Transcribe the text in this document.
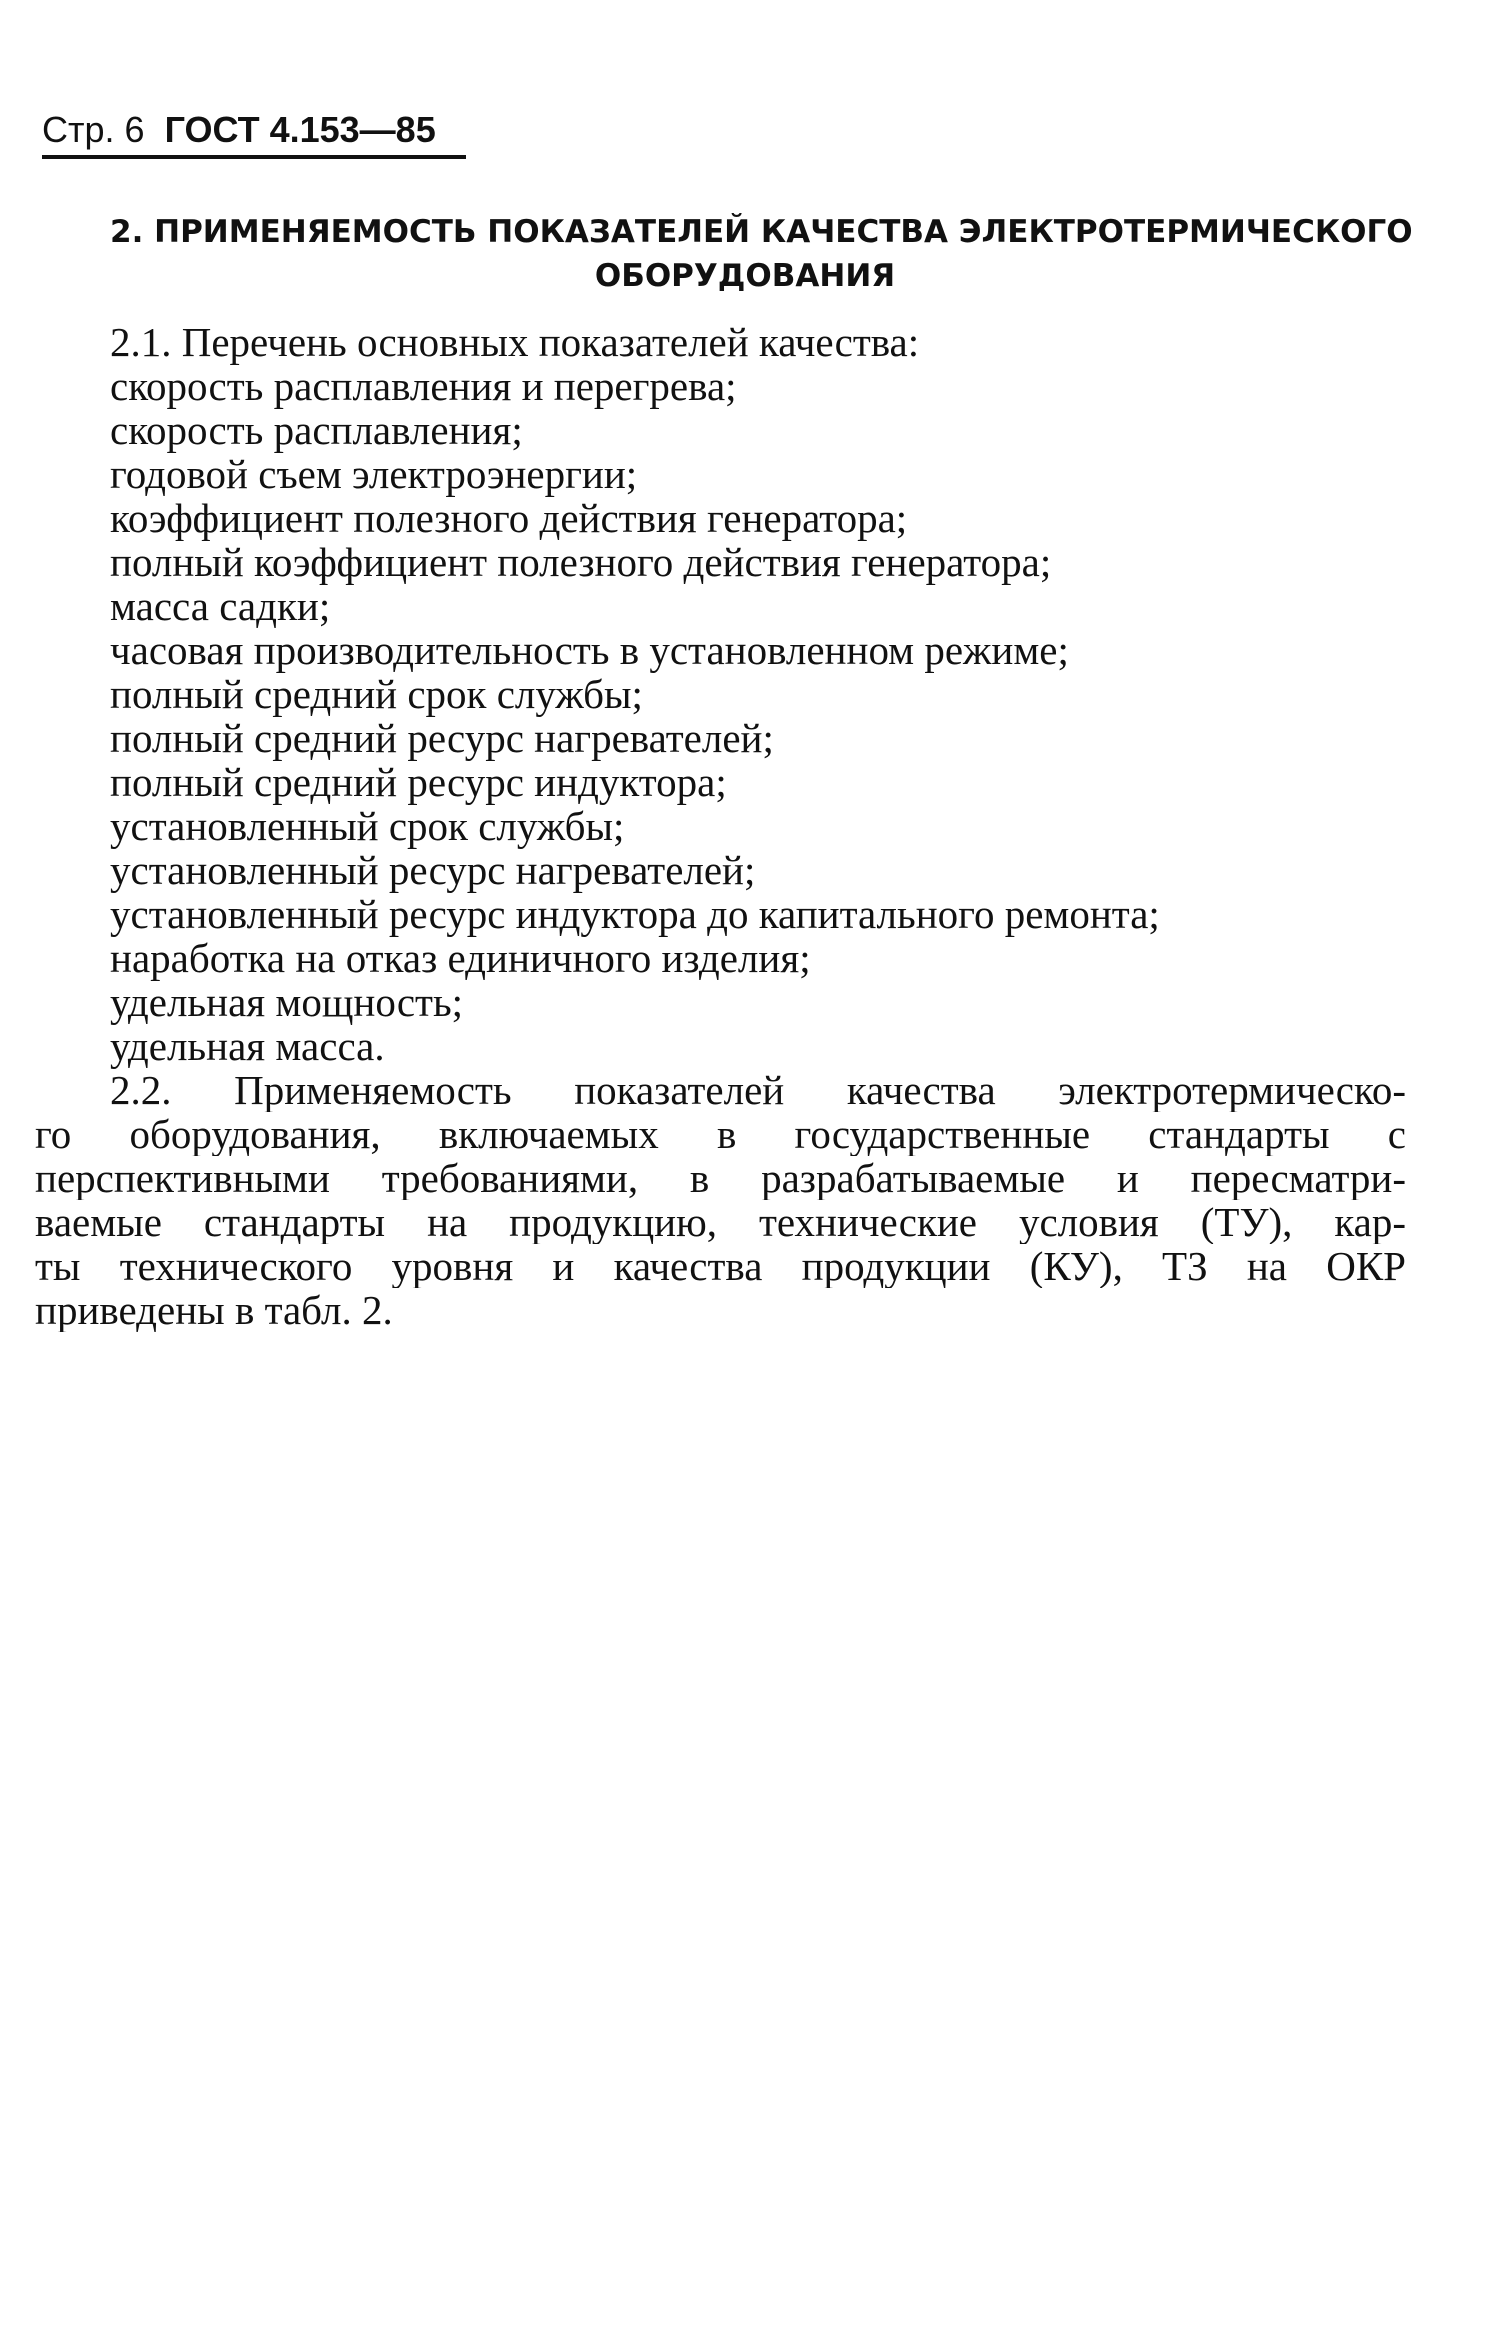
Стр. 6 ГОСТ 4.153—85
2. ПРИМЕНЯЕМОСТЬ ПОКАЗАТЕЛЕЙ КАЧЕСТВА ЭЛЕКТРОТЕРМИЧЕСКОГО
ОБОРУДОВАНИЯ
2.1. Перечень основных показателей качества:
скорость расплавления и перегрева;
скорость расплавления;
годовой съем электроэнергии;
коэффициент полезного действия генератора;
полный коэффициент полезного действия генератора;
масса садки;
часовая производительность в установленном режиме;
полный средний срок службы;
полный средний ресурс нагревателей;
полный средний ресурс индуктора;
установленный срок службы;
установленный ресурс нагревателей;
установленный ресурс индуктора до капитального ремонта;
наработка на отказ единичного изделия;
удельная мощность;
удельная масса.
2.2. Применяемость показателей качества электротермическо-
го оборудования, включаемых в государственные стандарты с
перспективными требованиями, в разрабатываемые и пересматри-
ваемые стандарты на продукцию, технические условия (ТУ), кар-
ты технического уровня и качества продукции (КУ), ТЗ на ОКР
приведены в табл. 2.
